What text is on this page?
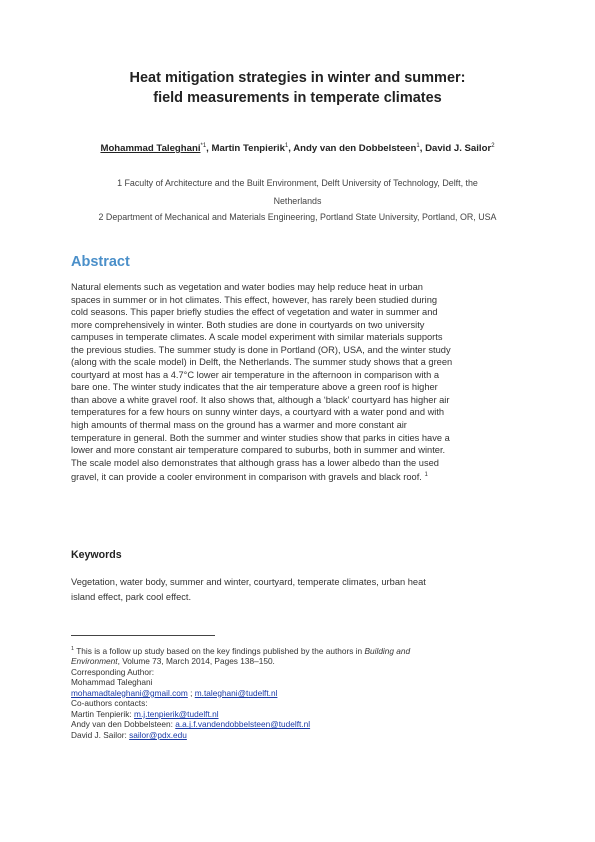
Heat mitigation strategies in winter and summer:
field measurements in temperate climates
Mohammad Taleghani$^{*1}$, Martin Tenpierik$^1$, Andy van den Dobbelsteen$^1$, David J. Sailor$^2$
1 Faculty of Architecture and the Built Environment, Delft University of Technology, Delft, the
Netherlands
2 Department of Mechanical and Materials Engineering, Portland State University, Portland, OR, USA
Abstract
Natural elements such as vegetation and water bodies may help reduce heat in urban
spaces in summer or in hot climates. This effect, however, has rarely been studied during
cold seasons. This paper briefly studies the effect of vegetation and water in summer and
more comprehensively in winter. Both studies are done in courtyards on two university
campuses in temperate climates. A scale model experiment with similar materials supports
the previous studies. The summer study is done in Portland (OR), USA, and the winter study
(along with the scale model) in Delft, the Netherlands. The summer study shows that a green
courtyard at most has a 4.7°C lower air temperature in the afternoon in comparison with a
bare one. The winter study indicates that the air temperature above a green roof is higher
than above a white gravel roof. It also shows that, although a ‘black’ courtyard has higher air
temperatures for a few hours on sunny winter days, a courtyard with a water pond and with
high amounts of thermal mass on the ground has a warmer and more constant air
temperature in general. Both the summer and winter studies show that parks in cities have a
lower and more constant air temperature compared to suburbs, both in summer and winter.
The scale model also demonstrates that although grass has a lower albedo than the used
gravel, it can provide a cooler environment in comparison with gravels and black roof. $^1$
Keywords
Vegetation, water body, summer and winter, courtyard, temperate climates, urban heat
island effect, park cool effect.
$^1$ This is a follow up study based on the key findings published by the authors in Building and
Environment, Volume 73, March 2014, Pages 138–150.
Corresponding Author:
Mohammad Taleghani
mohamadtaleghani@gmail.com ; m.taleghani@tudelft.nl
Co-authors contacts:
Martin Tenpierik: m.j.tenpierik@tudelft.nl
Andy van den Dobbelsteen: a.a.j.f.vandendobbelsteen@tudelft.nl
David J. Sailor: sailor@pdx.edu
